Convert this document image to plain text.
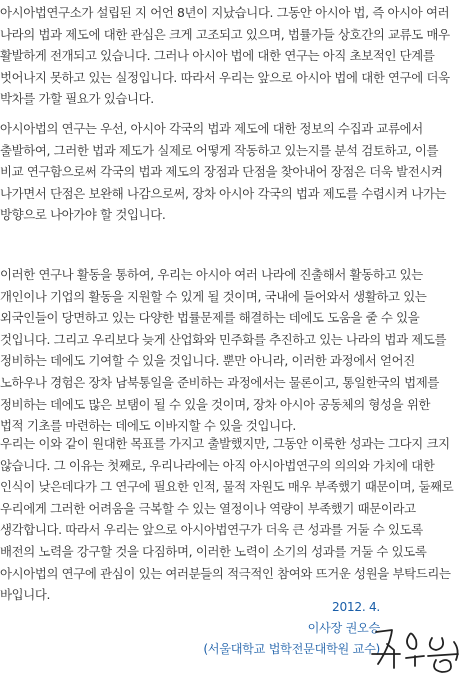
아시아법연구소가 설립된 지 어언 8년이 지났습니다. 그동안 아시아 법, 즉 아시아 여러
나라의 법과 제도에 대한 관심은 크게 고조되고 있으며, 법률가들 상호간의 교류도 매우
활발하게 전개되고 있습니다. 그러나 아시아 법에 대한 연구는 아직 초보적인 단계를
벗어나지 못하고 있는 실정입니다. 따라서 우리는 앞으로 아시아 법에 대한 연구에 더욱
박차를 가할 필요가 있습니다.
아시아법의 연구는 우선, 아시아 각국의 법과 제도에 대한 정보의 수집과 교류에서
출발하여, 그러한 법과 제도가 실제로 어떻게 작동하고 있는지를 분석 검토하고, 이를
비교 연구함으로써 각국의 법과 제도의 장점과 단점을 찾아내어 장점은 더욱 발전시켜
나가면서 단점은 보완해 나감으로써, 장차 아시아 각국의 법과 제도를 수렴시켜 나가는
방향으로 나아가야 할 것입니다.
이러한 연구나 활동을 통하여, 우리는 아시아 여러 나라에 진출해서 활동하고 있는
개인이나 기업의 활동을 지원할 수 있게 될 것이며, 국내에 들어와서 생활하고 있는
외국인들이 당면하고 있는 다양한 법률문제를 해결하는 데에도 도움을 줄 수 있을
것입니다. 그리고 우리보다 늦게 산업화와 민주화를 추진하고 있는 나라의 법과 제도를
정비하는 데에도 기여할 수 있을 것입니다. 뿐만 아니라, 이러한 과정에서 얻어진
노하우나 경험은 장차 남북통일을 준비하는 과정에서는 물론이고, 통일한국의 법제를
정비하는 데에도 많은 보탬이 될 수 있을 것이며, 장차 아시아 공동체의 형성을 위한
법적 기초를 마련하는 데에도 이바지할 수 있을 것입니다.
우리는 이와 같이 원대한 목표를 가지고 출발했지만, 그동안 이룩한 성과는 그다지 크지
않습니다. 그 이유는 첫째로, 우리나라에는 아직 아시아법연구의 의의와 가치에 대한
인식이 낮은데다가 그 연구에 필요한 인적, 물적 자원도 매우 부족했기 때문이며, 둘째로
우리에게 그러한 어려움을 극복할 수 있는 열정이나 역량이 부족했기 때문이라고
생각합니다. 따라서 우리는 앞으로 아시아법연구가 더욱 큰 성과를 거둘 수 있도록
배전의 노력을 강구할 것을 다짐하며, 이러한 노력이 소기의 성과를 거둘 수 있도록
아시아법의 연구에 관심이 있는 여러분들의 적극적인 참여와 뜨거운 성원을 부탁드리는
바입니다.
2012. 4.
이사장 권오승
(서울대학교 법학전문대학원 교수)
